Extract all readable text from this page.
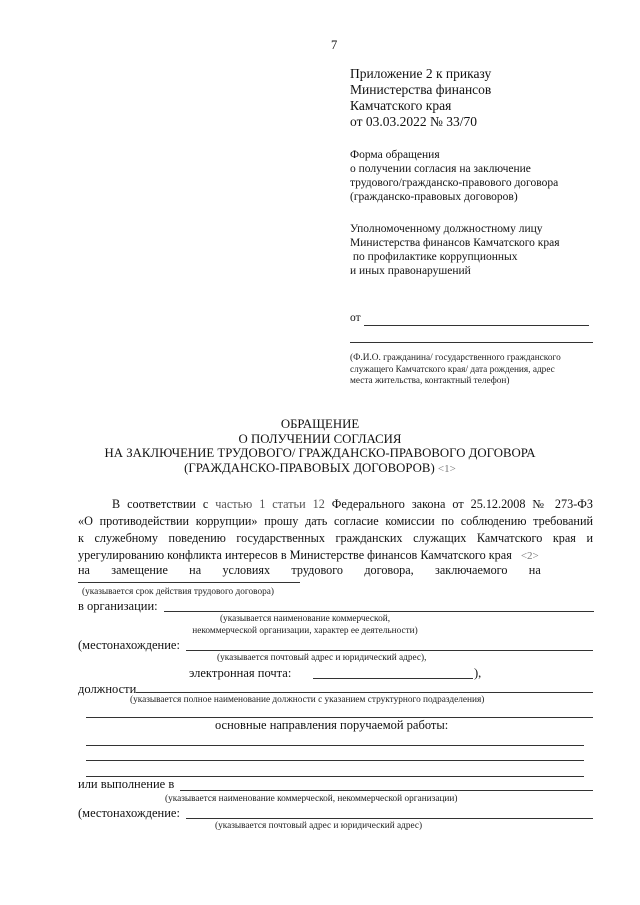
7
Приложение 2 к приказу
Министерства финансов
Камчатского края
от 03.03.2022 № 33/70
Форма обращения
о получении согласия на заключение
трудового/гражданско-правового договора
(гражданско-правовых договоров)
Уполномоченному должностному лицу
Министерства финансов Камчатского края
по профилактике коррупционных
и иных правонарушений
от
(Ф.И.О. гражданина/ государственного гражданского
служащего Камчатского края/ дата рождения, адрес
места жительства, контактный телефон)
ОБРАЩЕНИЕ
О ПОЛУЧЕНИИ СОГЛАСИЯ
НА ЗАКЛЮЧЕНИЕ ТРУДОВОГО/ ГРАЖДАНСКО-ПРАВОВОГО ДОГОВОРА
(ГРАЖДАНСКО-ПРАВОВЫХ ДОГОВОРОВ) <1>
В соответствии с частью 1 статьи 12 Федерального закона от 25.12.2008 № 273-ФЗ
«О противодействии коррупции» прошу дать согласие комиссии по соблюдению требований
к служебному поведению государственных гражданских служащих Камчатского края и
урегулированию конфликта интересов в Министерстве финансов Камчатского края <2>
на       замещение       на       условиях       трудового       договора,       заключаемого       на
(указывается срок действия трудового договора)
в организации:
(указывается наименование коммерческой,
некоммерческой организации, характер ее деятельности)
(местонахождение:
(указывается почтовый адрес и юридический адрес),
электронная почта:	),
должности
(указывается полное наименование должности с указанием структурного подразделения)
основные направления поручаемой работы:
или выполнение в
(указывается наименование коммерческой, некоммерческой организации)
(местонахождение:
(указывается почтовый адрес и юридический адрес)
